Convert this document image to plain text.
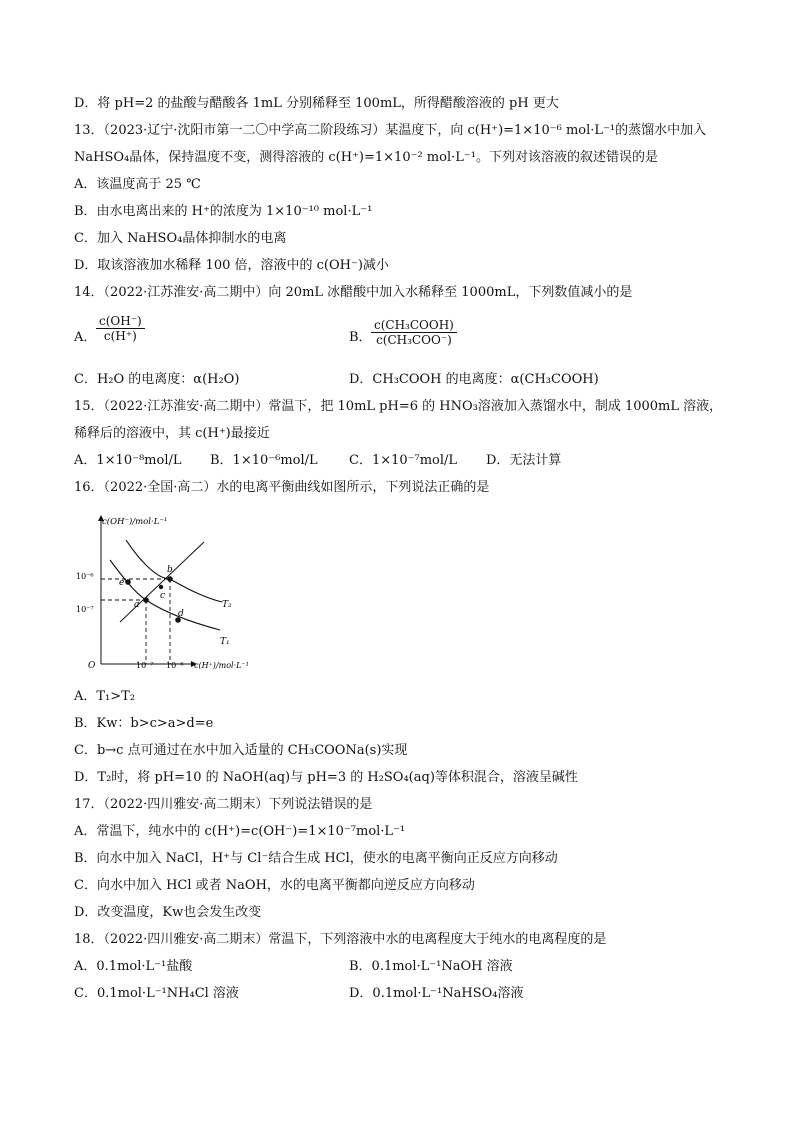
D．将 pH=2 的盐酸与醋酸各 1mL 分别稀释至 100mL，所得醋酸溶液的 pH 更大
13．（2023·辽宁·沈阳市第一二〇中学高二阶段练习）某温度下，向 c(H⁺)=1×10⁻⁶ mol·L⁻¹的蒸馏水中加入
NaHSO₄晶体，保持温度不变，测得溶液的 c(H⁺)=1×10⁻² mol·L⁻¹。下列对该溶液的叙述错误的是
A．该温度高于 25 ℃
B．由水电离出来的 H⁺的浓度为 1×10⁻¹⁰ mol·L⁻¹
C．加入 NaHSO₄晶体抑制水的电离
D．取该溶液加水稀释 100 倍，溶液中的 c(OH⁻)减小
14．（2022·江苏淮安·高二期中）向 20mL 冰醋酸中加入水稀释至 1000mL，下列数值减小的是
A． $\frac{c(OH^-)}{c(H^+)}$	B．
c(CH₃COOH)
c(CH₃COO⁻)
C．H₂O 的电离度：α(H₂O)	D．CH₃COOH 的电离度：α(CH₃COOH)
15．（2022·江苏淮安·高二期中）常温下，把 10mL pH=6 的 HNO₃溶液加入蒸馏水中，制成 1000mL 溶液，
稀释后的溶液中，其 c(H⁺)最接近
A．1×10⁻⁸mol/L B．1×10⁻⁶mol/L C．1×10⁻⁷mol/L D．无法计算
16．（2022·全国·高二）水的电离平衡曲线如图所示，下列说法正确的是
c(OH⁻)/mol·L⁻¹
c(H⁺)/mol·L⁻¹
O
10⁻⁶
10⁻⁷
10⁻⁷ 10⁻⁶
T₂
T₁
b
e
a
c
d
A．T₁>T₂
B．Kw：b>c>a>d=e
C．b→c 点可通过在水中加入适量的 CH₃COONa(s)实现
D．T₂时，将 pH=10 的 NaOH(aq)与 pH=3 的 H₂SO₄(aq)等体积混合，溶液呈碱性
17．（2022·四川雅安·高二期末）下列说法错误的是
A．常温下，纯水中的 c(H⁺)=c(OH⁻)=1×10⁻⁷mol·L⁻¹
B．向水中加入 NaCl，H⁺与 Cl⁻结合生成 HCl，使水的电离平衡向正反应方向移动
C．向水中加入 HCl 或者 NaOH，水的电离平衡都向逆反应方向移动
D．改变温度，Kw也会发生改变
18．（2022·四川雅安·高二期末）常温下，下列溶液中水的电离程度大于纯水的电离程度的是
A．0.1mol·L⁻¹盐酸	B．0.1mol·L⁻¹NaOH 溶液
C．0.1mol·L⁻¹NH₄Cl 溶液	D．0.1mol·L⁻¹NaHSO₄溶液
